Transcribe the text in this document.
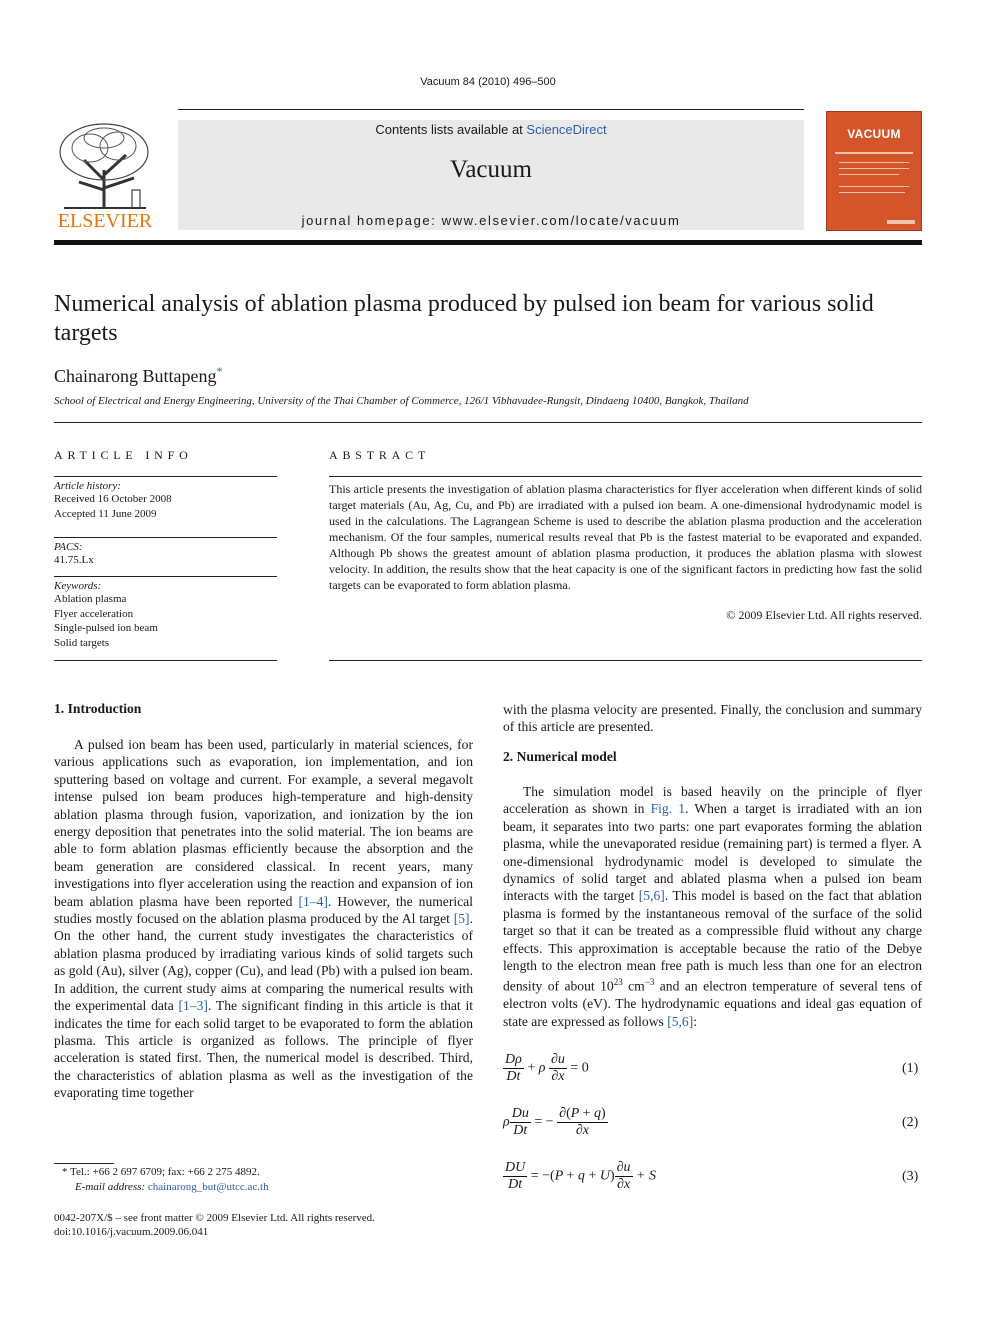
Vacuum 84 (2010) 496–500
ELSEVIER
Contents lists available at ScienceDirect
Vacuum
journal homepage: www.elsevier.com/locate/vacuum
VACUUM
Numerical analysis of ablation plasma produced by pulsed ion beam for various solid targets
Chainarong Buttapeng*
School of Electrical and Energy Engineering, University of the Thai Chamber of Commerce, 126/1 Vibhavadee-Rungsit, Dindaeng 10400, Bangkok, Thailand
ARTICLE INFO	ABSTRACT
Article history:
Received 16 October 2008
Accepted 11 June 2009
PACS:
41.75.Lx
Keywords:
Ablation plasma
Flyer acceleration
Single-pulsed ion beam
Solid targets
This article presents the investigation of ablation plasma characteristics for flyer acceleration when different kinds of solid target materials (Au, Ag, Cu, and Pb) are irradiated with a pulsed ion beam. A one-dimensional hydrodynamic model is used in the calculations. The Lagrangean Scheme is used to describe the ablation plasma production and the acceleration mechanism. Of the four samples, numerical results reveal that Pb is the fastest material to be evaporated and expanded. Although Pb shows the greatest amount of ablation plasma production, it produces the ablation plasma with slowest velocity. In addition, the results show that the heat capacity is one of the significant factors in predicting how fast the solid targets can be evaporated to form ablation plasma.
© 2009 Elsevier Ltd. All rights reserved.
1. Introduction
A pulsed ion beam has been used, particularly in material sciences, for various applications such as evaporation, ion implementation, and ion sputtering based on voltage and current. For example, a several megavolt intense pulsed ion beam produces high-temperature and high-density ablation plasma through fusion, vaporization, and ionization by the ion energy deposition that penetrates into the solid material. The ion beams are able to form ablation plasmas efficiently because the absorption and the beam generation are considered classical. In recent years, many investigations into flyer acceleration using the reaction and expansion of ion beam ablation plasma have been reported [1–4]. However, the numerical studies mostly focused on the ablation plasma produced by the Al target [5]. On the other hand, the current study investigates the characteristics of ablation plasma produced by irradiating various kinds of solid targets such as gold (Au), silver (Ag), copper (Cu), and lead (Pb) with a pulsed ion beam. In addition, the current study aims at comparing the numerical results with the experimental data [1–3]. The significant finding in this article is that it indicates the time for each solid target to be evaporated to form the ablation plasma. This article is organized as follows. The principle of flyer acceleration is stated first. Then, the numerical model is described. Third, the characteristics of ablation plasma as well as the investigation of the evaporating time together
with the plasma velocity are presented. Finally, the conclusion and summary of this article are presented.
2. Numerical model
The simulation model is based heavily on the principle of flyer acceleration as shown in Fig. 1. When a target is irradiated with an ion beam, it separates into two parts: one part evaporates forming the ablation plasma, while the unevaporated residue (remaining part) is termed a flyer. A one-dimensional hydrodynamic model is developed to simulate the dynamics of solid target and ablated plasma when a pulsed ion beam interacts with the target [5,6]. This model is based on the fact that ablation plasma is formed by the instantaneous removal of the surface of the solid target so that it can be treated as a compressible fluid without any charge effects. This approximation is acceptable because the ratio of the Debye length to the electron mean free path is much less than one for an electron density of about $10^{23}$ $cm^{-3}$ and an electron temperature of several tens of electron volts (eV). The hydrodynamic equations and ideal gas equation of state are expressed as follows [5,6]:
$\frac{D\rho}{Dt} + \rho \frac{\partial u}{\partial x} = 0$	(1)
ρ $\frac{Du}{Dt}$ = − $\frac{\partial(P + q)}{\partial x}$	(2)
$\frac{DU}{Dt} = -(P + q + U) \frac{\partial u}{\partial x} + S$	(3)
* Tel.: +66 2 697 6709; fax: +66 2 275 4892.
E-mail address: chainarong_but@utcc.ac.th
0042-207X/$ – see front matter © 2009 Elsevier Ltd. All rights reserved.
doi:10.1016/j.vacuum.2009.06.041
